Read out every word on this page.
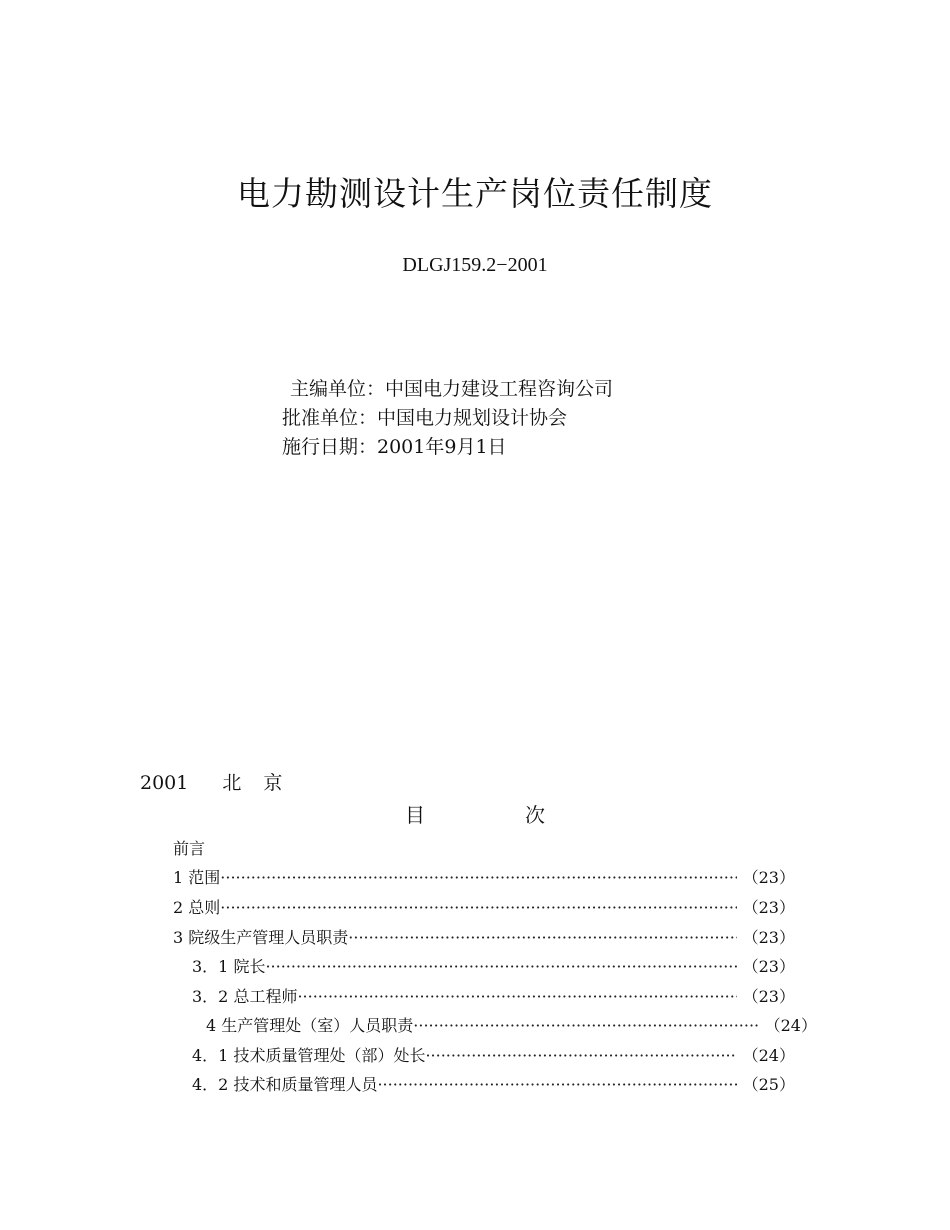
电力勘测设计生产岗位责任制度
DLGJ159.2−2001
主编单位：中国电力建设工程咨询公司
批准单位：中国电力规划设计协会
施行日期：2001年9月1日
2001 北 京
目	次
前言
1 范围 ·····	（23）
2 总则 ·····	（23）
3 院级生产管理人员职责 ·····	（23）
3．1 院长 ·····	（23）
3．2 总工程师 ·····	（23）
4 生产管理处（室）人员职责 ·····	（24）
4．1 技术质量管理处（部）处长 ·····	（24）
4．2 技术和质量管理人员 ·····	（25）
